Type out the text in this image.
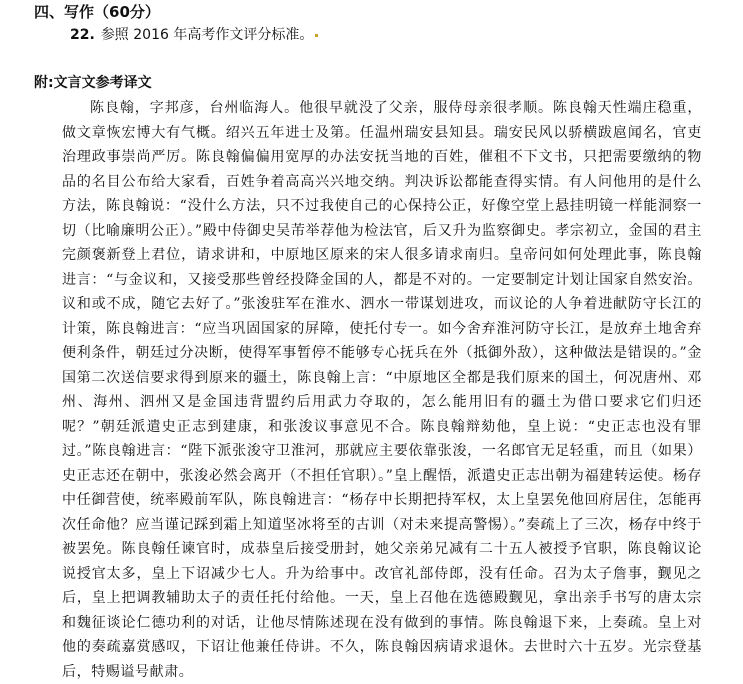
四、写作（60分）
22. 参照 2016 年高考作文评分标准。
附:文言文参考译文

陈良翰，字邦彦，台州临海人。他很早就没了父亲，服侍母亲很孝顺。陈良翰天性端庄稳重，做文章恢宏博大有气概。绍兴五年进士及第。任温州瑞安县知县。瑞安民风以骄横跋扈闻名，官吏治理政事崇尚严厉。陈良翰偏偏用宽厚的办法安抚当地的百姓，催租不下文书，只把需要缴纳的物品的名目公布给大家看，百姓争着高高兴兴地交纳。判决诉讼都能查得实情。有人问他用的是什么方法，陈良翰说：“没什么方法，只不过我使自己的心保持公正，好像空堂上悬挂明镜一样能洞察一切（比喻廉明公正）。”殿中侍御史吴芾举荐他为检法官，后又升为监察御史。孝宗初立，金国的君主完颜褒新登上君位，请求讲和，中原地区原来的宋人很多请求南归。皇帝问如何处理此事，陈良翰进言：“与金议和，又接受那些曾经投降金国的人，都是不对的。一定要制定计划让国家自然安治。议和或不成，随它去好了。”张浚驻军在淮水、泗水一带谋划进攻，而议论的人争着进献防守长江的计策，陈良翰进言：“应当巩固国家的屏障，使托付专一。如今舍弃淮河防守长江，是放弃土地舍弃便利条件，朝廷过分决断，使得军事暂停不能够专心抚兵在外（抵御外敌），这种做法是错误的。”金国第二次送信要求得到原来的疆土，陈良翰上言：“中原地区全都是我们原来的国土，何况唐州、邓州、海州、泗州又是金国违背盟约后用武力夺取的，怎么能用旧有的疆土为借口要求它们归还呢？”朝廷派遣史正志到建康，和张浚议事意见不合。陈良翰辩劾他，皇上说：“史正志也没有罪过。”陈良翰进言：“陛下派张浚守卫淮河，那就应主要依靠张浚，一名郎官无足轻重，而且（如果）史正志还在朝中，张浚必然会离开（不担任官职）。”皇上醒悟，派遣史正志出朝为福建转运使。杨存中任御营使，统率殿前军队，陈良翰进言：“杨存中长期把持军权，太上皇罢免他回府居住，怎能再次任命他？应当谨记踩到霜上知道坚冰将至的古训（对未来提高警惕）。”奏疏上了三次，杨存中终于被罢免。陈良翰任谏官时，成恭皇后接受册封，她父亲弟兄减有二十五人被授予官职，陈良翰议论说授官太多，皇上下诏减少七人。升为给事中。改官礼部侍郎，没有任命。召为太子詹事，觐见之后，皇上把调教辅助太子的责任托付给他。一天，皇上召他在选德殿觐见，拿出亲手书写的唐太宗和魏征谈论仁德功利的对话，让他尽情陈述现在没有做到的事情。陈良翰退下来，上奏疏。皇上对他的奏疏嘉赏感叹，下诏让他兼任侍讲。不久，陈良翰因病请求退休。去世时六十五岁。光宗登基后，特赐谥号献肃。
